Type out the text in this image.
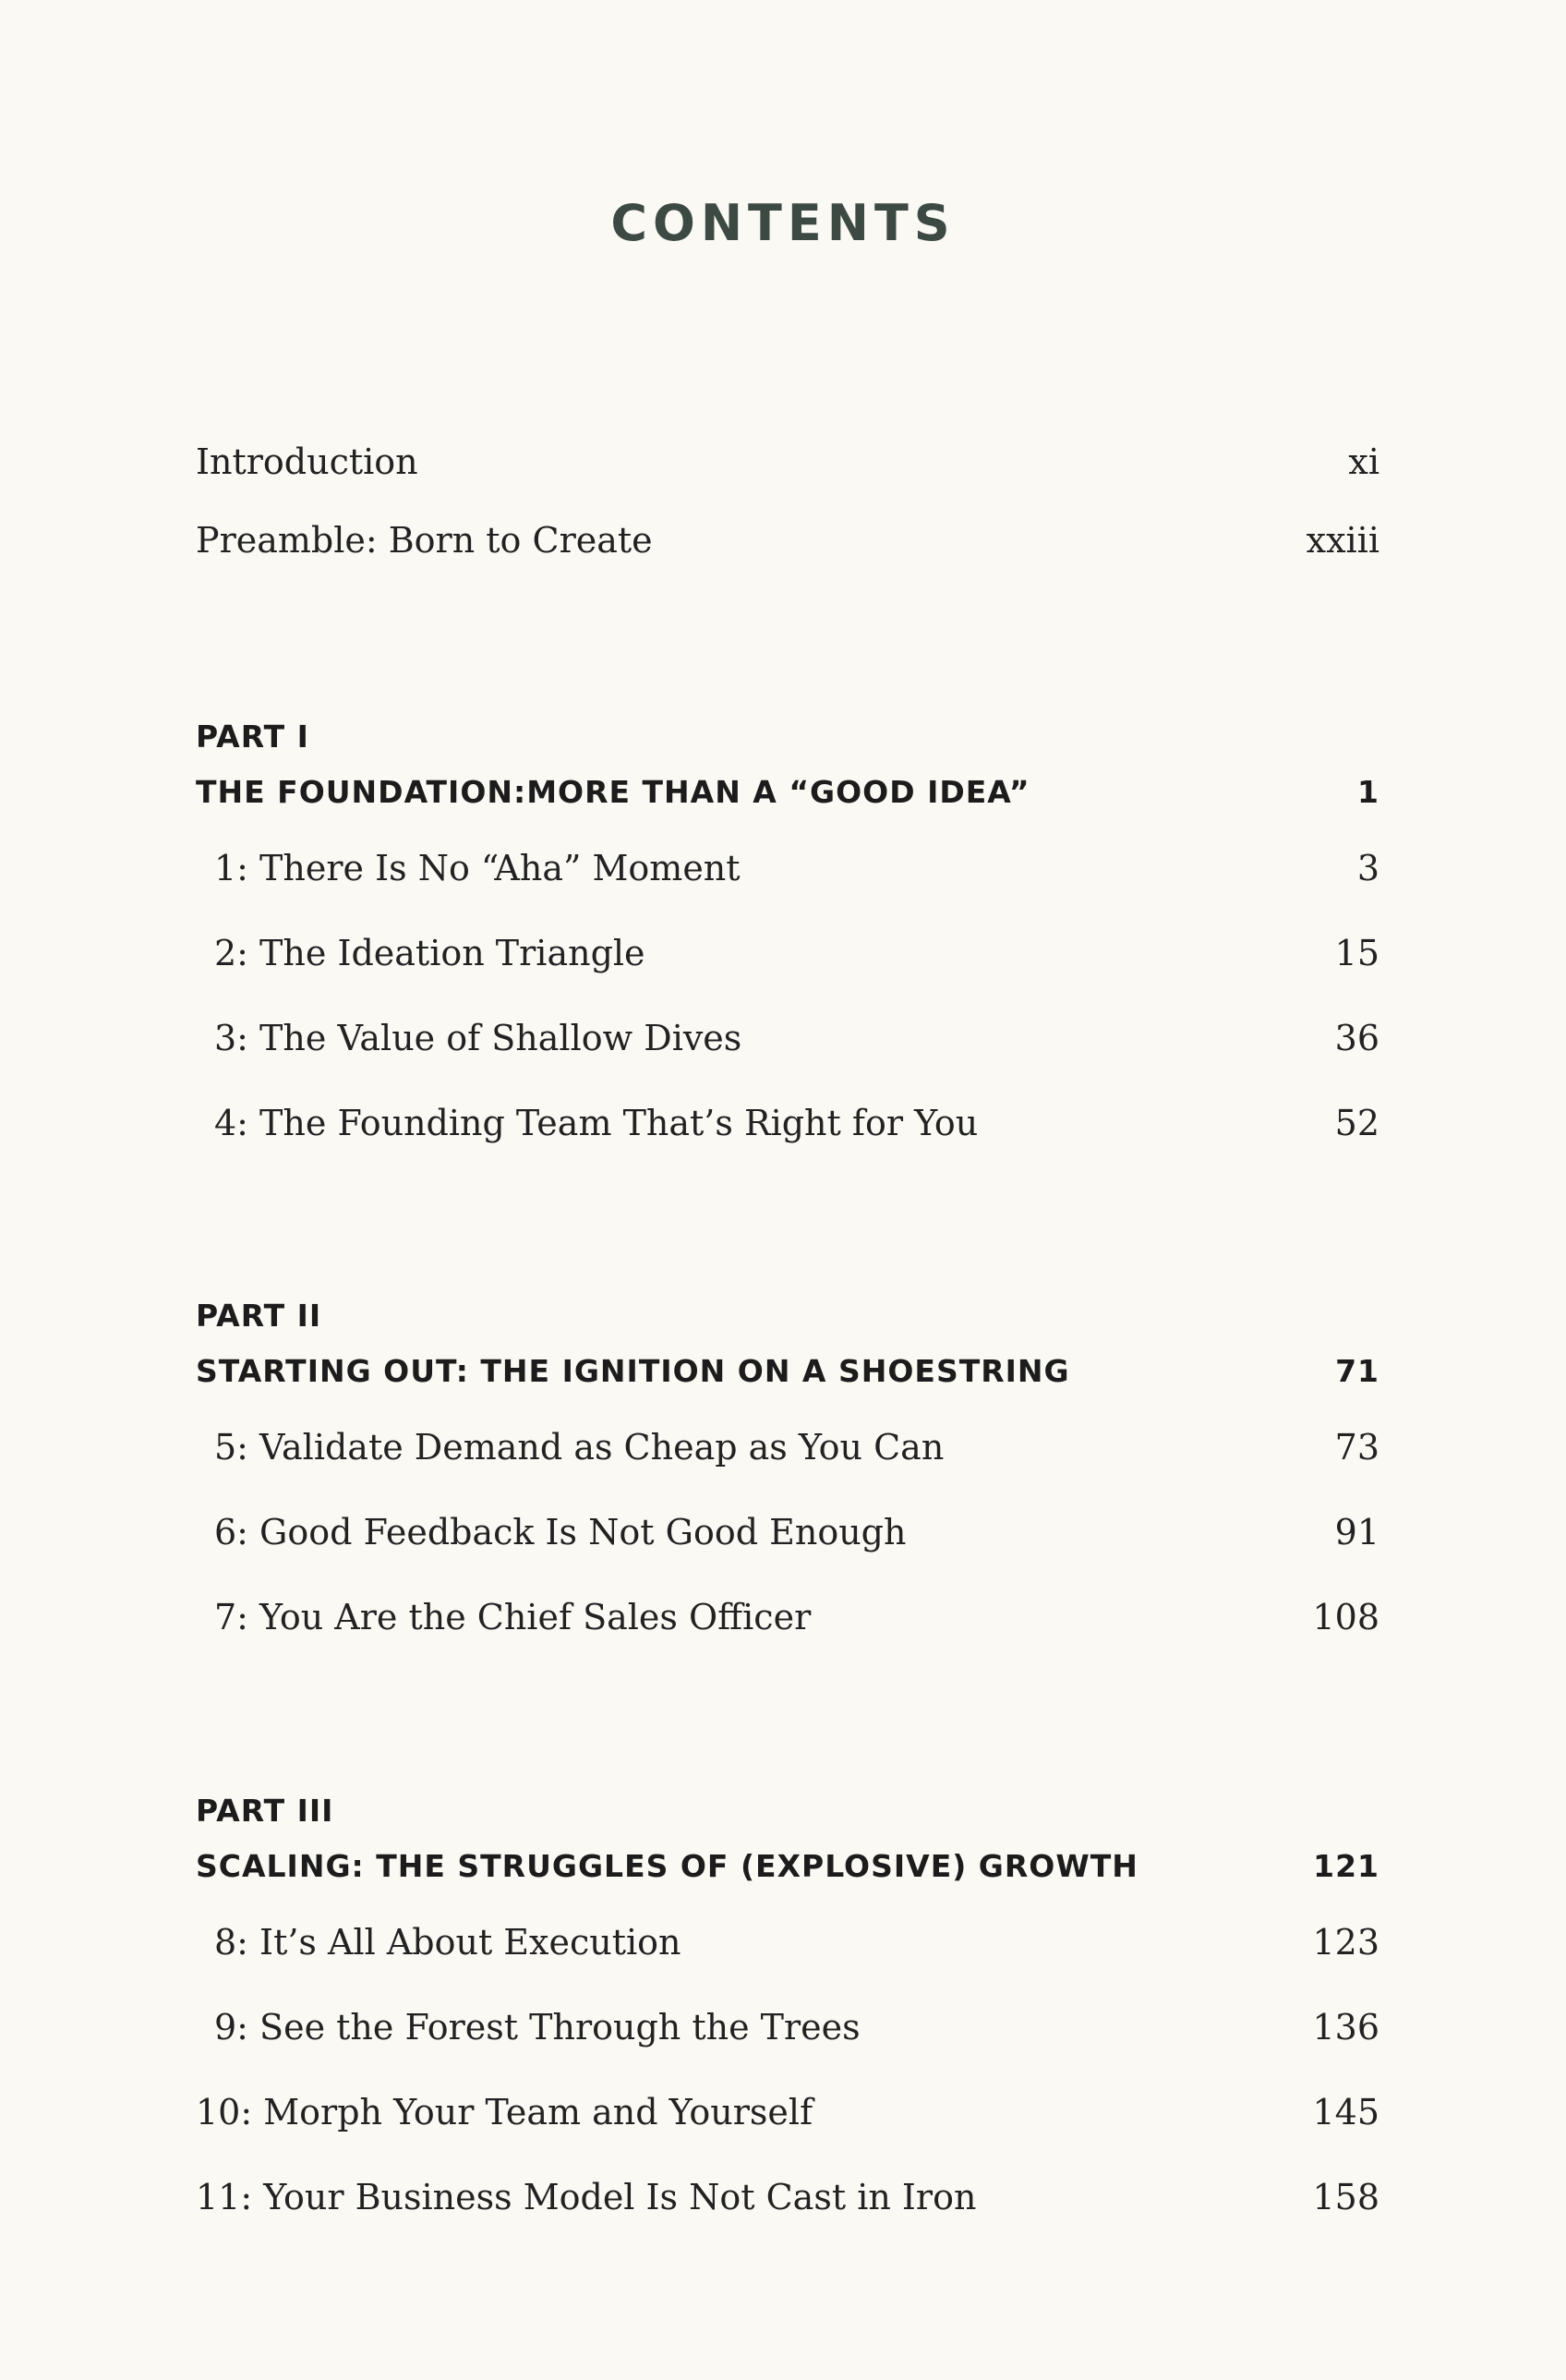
CONTENTS
Introduction	xi
Preamble: Born to Create	xxiii
PART I
THE FOUNDATION:MORE THAN A “GOOD IDEA”	1
1: There Is No “Aha” Moment	3
2: The Ideation Triangle	15
3: The Value of Shallow Dives	36
4: The Founding Team That’s Right for You	52
PART II
STARTING OUT: THE IGNITION ON A SHOESTRING	71
5: Validate Demand as Cheap as You Can	73
6: Good Feedback Is Not Good Enough	91
7: You Are the Chief Sales Officer	108
PART III
SCALING: THE STRUGGLES OF (EXPLOSIVE) GROWTH	121
8: It’s All About Execution	123
9: See the Forest Through the Trees	136
10: Morph Your Team and Yourself	145
11: Your Business Model Is Not Cast in Iron	158
